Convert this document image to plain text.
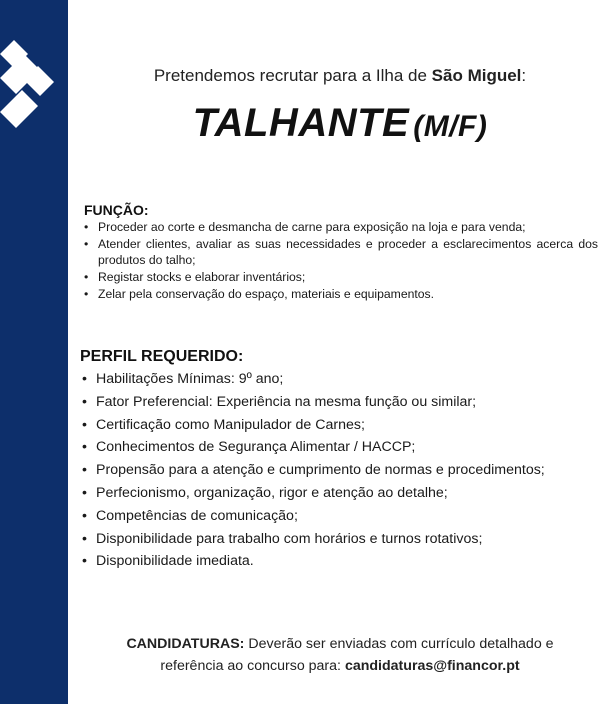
Pretendemos recrutar para a Ilha de São Miguel:
TALHANTE (M/F)
FUNÇÃO:
• Proceder ao corte e desmancha de carne para exposição na loja e para venda;
• Atender clientes, avaliar as suas necessidades e proceder a esclarecimentos acerca dos produtos do talho;
• Registar stocks e elaborar inventários;
• Zelar pela conservação do espaço, materiais e equipamentos.
PERFIL REQUERIDO:
• Habilitações Mínimas: 9º ano;
• Fator Preferencial: Experiência na mesma função ou similar;
• Certificação como Manipulador de Carnes;
• Conhecimentos de Segurança Alimentar / HACCP;
• Propensão para a atenção e cumprimento de normas e procedimentos;
• Perfecionismo, organização, rigor e atenção ao detalhe;
• Competências de comunicação;
• Disponibilidade para trabalho com horários e turnos rotativos;
• Disponibilidade imediata.
CANDIDATURAS: Deverão ser enviadas com currículo detalhado e
referência ao concurso para: candidaturas@financor.pt
